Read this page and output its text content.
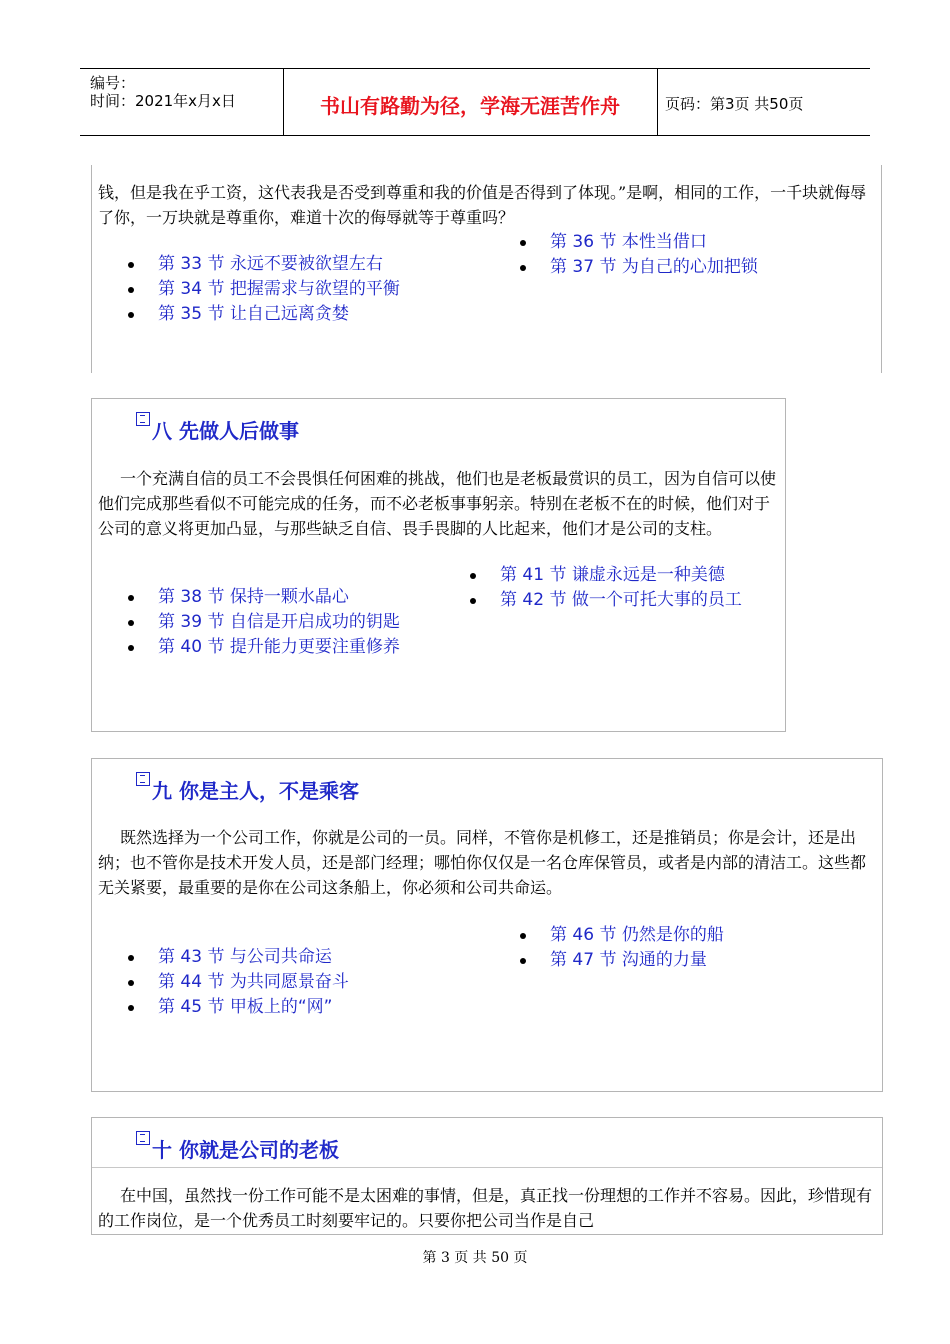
编号：
时间：2021年x月x日	书山有路勤为径，学海无涯苦作舟	页码：第3页 共50页

钱，但是我在乎工资，这代表我是否受到尊重和我的价值是否得到了体现。”是啊，相同的工作，一千块就侮辱了你，一万块就是尊重你，难道十次的侮辱就等于尊重吗？

第 33 节 永远不要被欲望左右
第 34 节 把握需求与欲望的平衡
第 35 节 让自己远离贪婪
第 36 节 本性当借口
第 37 节 为自己的心加把锁
八 先做人后做事

一个充满自信的员工不会畏惧任何困难的挑战，他们也是老板最赏识的员工，因为自信可以使他们完成那些看似不可能完成的任务，而不必老板事事躬亲。特别在老板不在的时候，他们对于公司的意义将更加凸显，与那些缺乏自信、畏手畏脚的人比起来，他们才是公司的支柱。

第 38 节 保持一颗水晶心
第 39 节 自信是开启成功的钥匙
第 40 节 提升能力更要注重修养
第 41 节 谦虚永远是一种美德
第 42 节 做一个可托大事的员工
九 你是主人，不是乘客

既然选择为一个公司工作，你就是公司的一员。同样，不管你是机修工，还是推销员；你是会计，还是出纳；也不管你是技术开发人员，还是部门经理；哪怕你仅仅是一名仓库保管员，或者是内部的清洁工。这些都无关紧要，最重要的是你在公司这条船上，你必须和公司共命运。

第 43 节 与公司共命运
第 44 节 为共同愿景奋斗
第 45 节 甲板上的“网”
第 46 节 仍然是你的船
第 47 节 沟通的力量
十 你就是公司的老板

在中国，虽然找一份工作可能不是太困难的事情，但是，真正找一份理想的工作并不容易。因此，珍惜现有的工作岗位，是一个优秀员工时刻要牢记的。只要你把公司当作是自己

第 3 页 共 50 页
